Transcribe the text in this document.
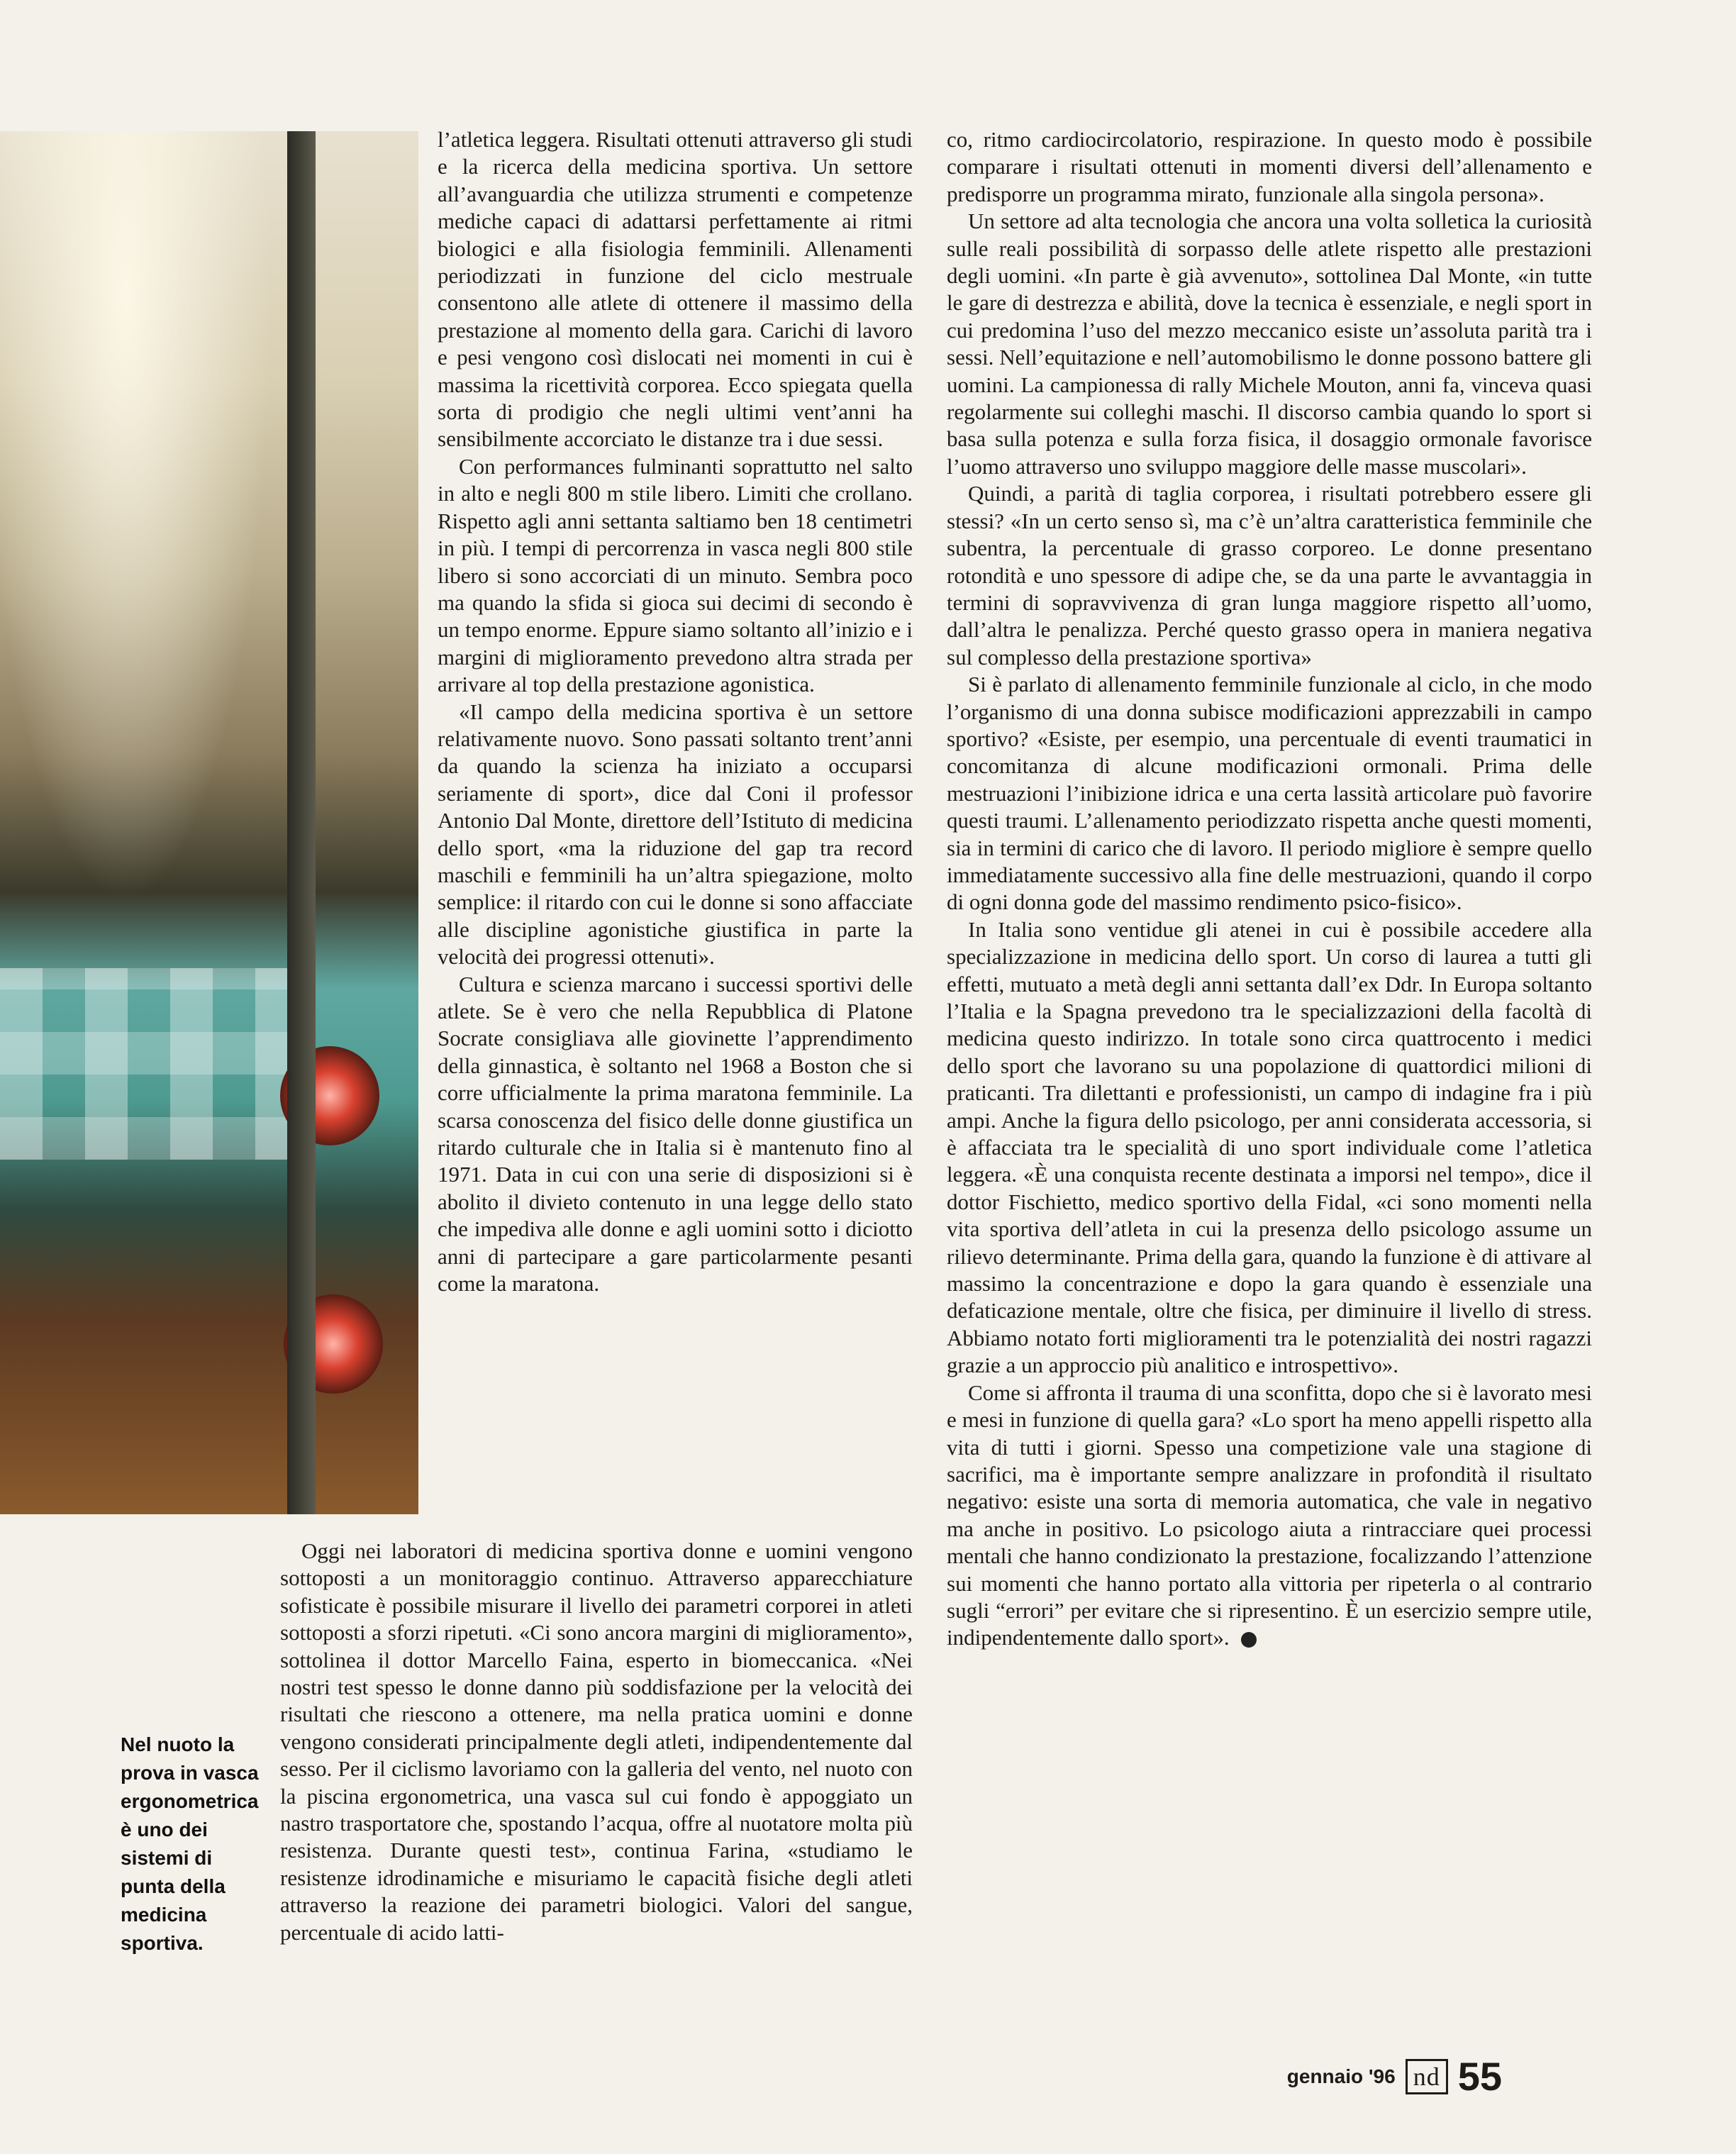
Nel nuoto la prova in vasca ergonometrica è uno dei sistemi di punta della medicina sportiva.

l’atletica leggera. Risultati ottenuti attraverso gli studi e la ricerca della medicina sportiva. Un settore all’avanguardia che utilizza strumenti e competenze mediche capaci di adattarsi perfettamente ai ritmi biologici e alla fisiologia femminili. Allenamenti periodizzati in funzione del ciclo mestruale consentono alle atlete di ottenere il massimo della prestazione al momento della gara. Carichi di lavoro e pesi vengono così dislocati nei momenti in cui è massima la ricettività corporea. Ecco spiegata quella sorta di prodigio che negli ultimi vent’anni ha sensibilmente accorciato le distanze tra i due sessi.

Con performances fulminanti soprattutto nel salto in alto e negli 800 m stile libero. Limiti che crollano. Rispetto agli anni settanta saltiamo ben 18 centimetri in più. I tempi di percorrenza in vasca negli 800 stile libero si sono accorciati di un minuto. Sembra poco ma quando la sfida si gioca sui decimi di secondo è un tempo enorme. Eppure siamo soltanto all’inizio e i margini di miglioramento prevedono altra strada per arrivare al top della prestazione agonistica.

«Il campo della medicina sportiva è un settore relativamente nuovo. Sono passati soltanto trent’anni da quando la scienza ha iniziato a occuparsi seriamente di sport», dice dal Coni il professor Antonio Dal Monte, direttore dell’Istituto di medicina dello sport, «ma la riduzione del gap tra record maschili e femminili ha un’altra spiegazione, molto semplice: il ritardo con cui le donne si sono affacciate alle discipline agonistiche giustifica in parte la velocità dei progressi ottenuti».

Cultura e scienza marcano i successi sportivi delle atlete. Se è vero che nella Repubblica di Platone Socrate consigliava alle giovinette l’apprendimento della ginnastica, è soltanto nel 1968 a Boston che si corre ufficialmente la prima maratona femminile. La scarsa conoscenza del fisico delle donne giustifica un ritardo culturale che in Italia si è mantenuto fino al 1971. Data in cui con una serie di disposizioni si è abolito il divieto contenuto in una legge dello stato che impediva alle donne e agli uomini sotto i diciotto anni di partecipare a gare particolarmente pesanti come la maratona.

Oggi nei laboratori di medicina sportiva donne e uomini vengono sottoposti a un monitoraggio continuo. Attraverso apparecchiature sofisticate è possibile misurare il livello dei parametri corporei in atleti sottoposti a sforzi ripetuti. «Ci sono ancora margini di miglioramento», sottolinea il dottor Marcello Faina, esperto in biomeccanica. «Nei nostri test spesso le donne danno più soddisfazione per la velocità dei risultati che riescono a ottenere, ma nella pratica uomini e donne vengono considerati principalmente degli atleti, indipendentemente dal sesso. Per il ciclismo lavoriamo con la galleria del vento, nel nuoto con la piscina ergonometrica, una vasca sul cui fondo è appoggiato un nastro trasportatore che, spostando l’acqua, offre al nuotatore molta più resistenza. Durante questi test», continua Farina, «studiamo le resistenze idrodinamiche e misuriamo le capacità fisiche degli atleti attraverso la reazione dei parametri biologici. Valori del sangue, percentuale di acido latti-

co, ritmo cardiocircolatorio, respirazione. In questo modo è possibile comparare i risultati ottenuti in momenti diversi dell’allenamento e predisporre un programma mirato, funzionale alla singola persona».

Un settore ad alta tecnologia che ancora una volta solletica la curiosità sulle reali possibilità di sorpasso delle atlete rispetto alle prestazioni degli uomini. «In parte è già avvenuto», sottolinea Dal Monte, «in tutte le gare di destrezza e abilità, dove la tecnica è essenziale, e negli sport in cui predomina l’uso del mezzo meccanico esiste un’assoluta parità tra i sessi. Nell’equitazione e nell’automobilismo le donne possono battere gli uomini. La campionessa di rally Michele Mouton, anni fa, vinceva quasi regolarmente sui colleghi maschi. Il discorso cambia quando lo sport si basa sulla potenza e sulla forza fisica, il dosaggio ormonale favorisce l’uomo attraverso uno sviluppo maggiore delle masse muscolari».

Quindi, a parità di taglia corporea, i risultati potrebbero essere gli stessi? «In un certo senso sì, ma c’è un’altra caratteristica femminile che subentra, la percentuale di grasso corporeo. Le donne presentano rotondità e uno spessore di adipe che, se da una parte le avvantaggia in termini di sopravvivenza di gran lunga maggiore rispetto all’uomo, dall’altra le penalizza. Perché questo grasso opera in maniera negativa sul complesso della prestazione sportiva»

Si è parlato di allenamento femminile funzionale al ciclo, in che modo l’organismo di una donna subisce modificazioni apprezzabili in campo sportivo? «Esiste, per esempio, una percentuale di eventi traumatici in concomitanza di alcune modificazioni ormonali. Prima delle mestruazioni l’inibizione idrica e una certa lassità articolare può favorire questi traumi. L’allenamento periodizzato rispetta anche questi momenti, sia in termini di carico che di lavoro. Il periodo migliore è sempre quello immediatamente successivo alla fine delle mestruazioni, quando il corpo di ogni donna gode del massimo rendimento psico-fisico».

In Italia sono ventidue gli atenei in cui è possibile accedere alla specializzazione in medicina dello sport. Un corso di laurea a tutti gli effetti, mutuato a metà degli anni settanta dall’ex Ddr. In Europa soltanto l’Italia e la Spagna prevedono tra le specializzazioni della facoltà di medicina questo indirizzo. In totale sono circa quattrocento i medici dello sport che lavorano su una popolazione di quattordici milioni di praticanti. Tra dilettanti e professionisti, un campo di indagine fra i più ampi. Anche la figura dello psicologo, per anni considerata accessoria, si è affacciata tra le specialità di uno sport individuale come l’atletica leggera. «È una conquista recente destinata a imporsi nel tempo», dice il dottor Fischietto, medico sportivo della Fidal, «ci sono momenti nella vita sportiva dell’atleta in cui la presenza dello psicologo assume un rilievo determinante. Prima della gara, quando la funzione è di attivare al massimo la concentrazione e dopo la gara quando è essenziale una defaticazione mentale, oltre che fisica, per diminuire il livello di stress. Abbiamo notato forti miglioramenti tra le potenzialità dei nostri ragazzi grazie a un approccio più analitico e introspettivo».

Come si affronta il trauma di una sconfitta, dopo che si è lavorato mesi e mesi in funzione di quella gara? «Lo sport ha meno appelli rispetto alla vita di tutti i giorni. Spesso una competizione vale una stagione di sacrifici, ma è importante sempre analizzare in profondità il risultato negativo: esiste una sorta di memoria automatica, che vale in negativo ma anche in positivo. Lo psicologo aiuta a rintracciare quei processi mentali che hanno condizionato la prestazione, focalizzando l’attenzione sui momenti che hanno portato alla vittoria per ripeterla o al contrario sugli “errori” per evitare che si ripresentino. È un esercizio sempre utile, indipendentemente dallo sport».

gennaio '96 nd 55
